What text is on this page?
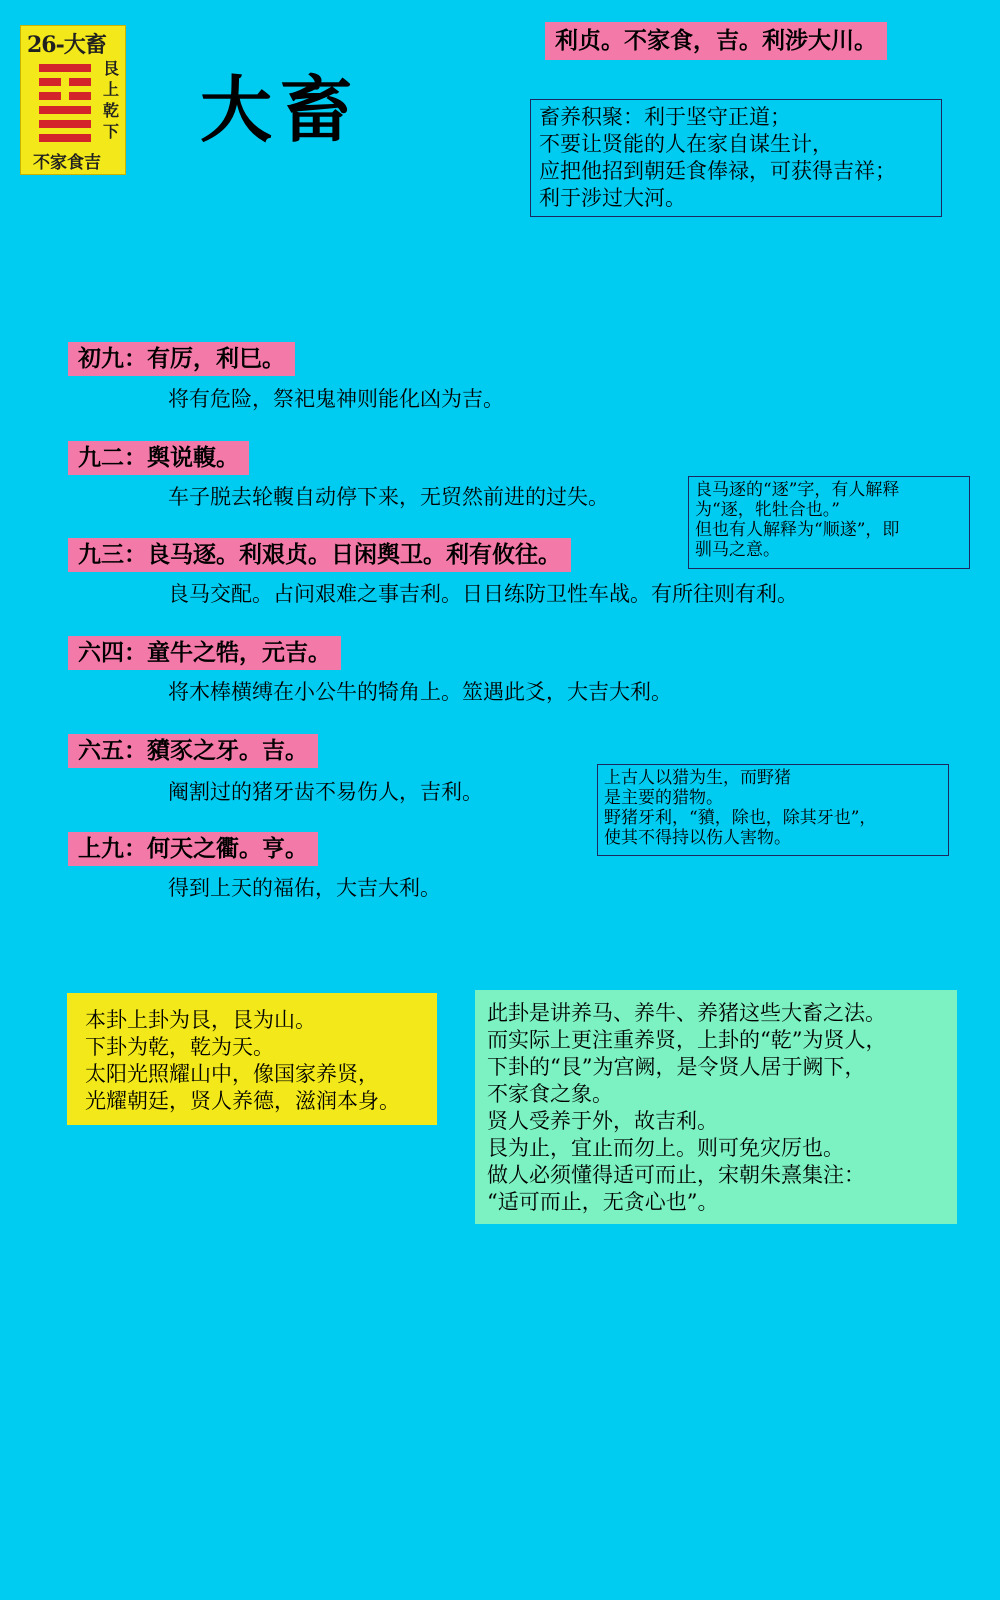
26-大畜
艮上乾下
不家食吉
大畜
利贞。不家食，吉。利涉大川。
畜养积聚：利于坚守正道；
不要让贤能的人在家自谋生计，
应把他招到朝廷食俸禄，可获得吉祥；
利于涉过大河。
初九：有厉，利巳。
将有危险，祭祀鬼神则能化凶为吉。
九二：舆说輹。
车子脱去轮輹自动停下来，无贸然前进的过失。
九三：良马逐。利艰贞。日闲舆卫。利有攸往。
良马交配。占问艰难之事吉利。日日练防卫性车战。有所往则有利。
六四：童牛之牿，元吉。
将木棒横缚在小公牛的犄角上。筮遇此爻，大吉大利。
六五：豶豕之牙。吉。
阉割过的猪牙齿不易伤人，吉利。
上九：何天之衢。亨。
得到上天的福佑，大吉大利。
良马逐的“逐”字，有人解释
为“逐，牝牡合也。”
但也有人解释为“顺遂”，即
驯马之意。
上古人以猎为生，而野猪
是主要的猎物。
野猪牙利，“豶，除也，除其牙也”，
使其不得持以伤人害物。
本卦上卦为艮，艮为山。
下卦为乾，乾为天。
太阳光照耀山中，像国家养贤，
光耀朝廷，贤人养德，滋润本身。
此卦是讲养马、养牛、养猪这些大畜之法。
而实际上更注重养贤，上卦的“乾”为贤人，
下卦的“艮”为宫阙，是令贤人居于阙下，
不家食之象。
贤人受养于外，故吉利。
艮为止，宜止而勿上。则可免灾厉也。
做人必须懂得适可而止，宋朝朱熹集注：
“适可而止，无贪心也”。
